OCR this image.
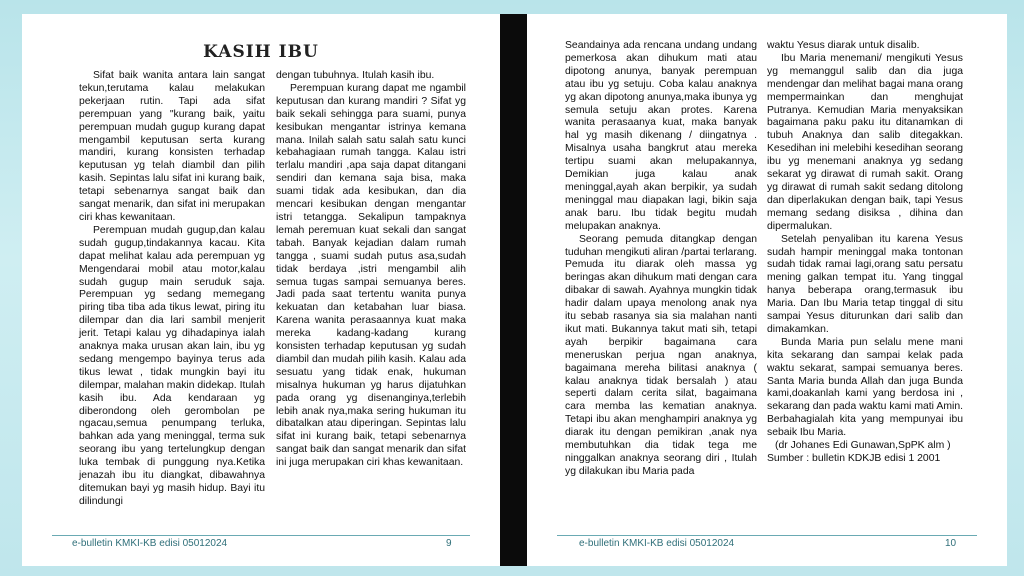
KASIH IBU

Sifat baik wanita antara lain sangat tekun,terutama kalau melakukan pekerjaan rutin. Tapi ada sifat perempuan yang "kurang baik, yaitu perempuan mudah gugup kurang dapat mengambil keputusan serta kurang mandiri, kurang konsisten terhadap keputusan yg telah diambil dan pilih kasih. Sepintas lalu sifat ini kurang baik, tetapi sebenarnya sangat baik dan sangat menarik, dan sifat ini merupakan ciri khas kewanitaan.

Perempuan mudah gugup,dan kalau sudah gugup,tindakannya kacau. Kita dapat melihat kalau ada perempuan yg Mengendarai mobil atau motor,kalau sudah gugup main seruduk saja. Perempuan yg sedang memegang piring tiba tiba ada tikus lewat, piring itu dilempar dan dia lari sambil menjerit jerit. Tetapi kalau yg dihadapinya ialah anaknya maka urusan akan lain, ibu yg sedang mengempo bayinya terus ada tikus lewat , tidak mungkin bayi itu dilempar, malahan makin didekap. Itulah kasih ibu. Ada kendaraan yg diberondong oleh gerombolan pe ngacau,semua penumpang terluka, bahkan ada yang meninggal, terma suk seorang ibu yang tertelungkup dengan luka tembak di punggung nya.Ketika jenazah ibu itu diangkat, dibawahnya ditemukan bayi yg masih hidup. Bayi itu dilindungi

dengan tubuhnya. Itulah kasih ibu.

Perempuan kurang dapat me ngambil keputusan dan kurang mandiri ? Sifat yg baik sekali sehingga para suami, punya kesibukan mengantar istrinya kemana mana. Inilah salah satu salah satu kunci kebahagiaan rumah tangga. Kalau istri terlalu mandiri ,apa saja dapat ditangani sendiri dan kemana saja bisa, maka suami tidak ada kesibukan, dan dia mencari kesibukan dengan mengantar istri tetangga. Sekalipun tampaknya lemah peremuan kuat sekali dan sangat tabah. Banyak kejadian dalam rumah tangga , suami sudah putus asa,sudah tidak berdaya ,istri mengambil alih semua tugas sampai semuanya beres. Jadi pada saat tertentu wanita punya kekuatan dan ketabahan luar biasa. Karena wanita perasaannya kuat maka mereka kadang-kadang kurang konsisten terhadap keputusan yg sudah diambil dan mudah pilih kasih. Kalau ada sesuatu yang tidak enak, hukuman misalnya hukuman yg harus dijatuhkan pada orang yg disenanginya,terlebih lebih anak nya,maka sering hukuman itu dibatalkan atau diperingan. Sepintas lalu sifat ini kurang baik, tetapi sebenarnya sangat baik dan sangat menarik dan sifat ini juga merupakan ciri khas kewanitaan.

e-bulletin KMKI-KB edisi 05012024	9

Seandainya ada rencana undang undang pemerkosa akan dihukum mati atau dipotong anunya, banyak perempuan atau ibu yg setuju. Coba kalau anaknya yg akan dipotong anunya,maka ibunya yg semula setuju akan protes. Karena wanita perasaanya kuat, maka banyak hal yg masih dikenang / diingatnya . Misalnya usaha bangkrut atau mereka tertipu suami akan melupakannya, Demikian juga kalau anak meninggal,ayah akan berpikir, ya sudah meninggal mau diapakan lagi, bikin saja anak baru. Ibu tidak begitu mudah melupakan anaknya.

Seorang pemuda ditangkap dengan tuduhan mengikuti aliran /partai terlarang. Pemuda itu diarak oleh massa yg beringas akan dihukum mati dengan cara dibakar di sawah. Ayahnya mungkin tidak hadir dalam upaya menolong anak nya itu sebab rasanya sia sia malahan nanti ikut mati. Bukannya takut mati sih, tetapi ayah berpikir bagaimana cara meneruskan perjua ngan anaknya, bagaimana mereha bilitasi anaknya ( kalau anaknya tidak bersalah ) atau seperti dalam cerita silat, bagaimana cara memba las kematian anaknya. Tetapi ibu akan menghampiri anaknya yg diarak itu dengan pemikiran ,anak nya membutuhkan dia tidak tega me ninggalkan anaknya seorang diri , Itulah yg dilakukan ibu Maria pada

waktu Yesus diarak untuk disalib.

Ibu Maria menemani/ mengikuti Yesus yg memanggul salib dan dia juga mendengar dan melihat bagai mana orang mempermainkan dan menghujat Putranya. Kemudian Maria menyaksikan bagaimana paku paku itu ditanamkan di tubuh Anaknya dan salib ditegakkan. Kesedihan ini melebihi kesedihan seorang ibu yg menemani anaknya yg sedang sekarat yg dirawat di rumah sakit. Orang yg dirawat di rumah sakit sedang ditolong dan diperlakukan dengan baik, tapi Yesus memang sedang disiksa , dihina dan dipermalukan.

Setelah penyaliban itu karena Yesus sudah hampir meninggal maka tontonan sudah tidak ramai lagi,orang satu persatu mening galkan tempat itu. Yang tinggal hanya beberapa orang,termasuk ibu Maria. Dan Ibu Maria tetap tinggal di situ sampai Yesus diturunkan dari salib dan dimakamkan.

Bunda Maria pun selalu mene mani kita sekarang dan sampai kelak pada waktu sekarat, sampai semuanya beres. Santa Maria bunda Allah dan juga Bunda kami,doakanlah kami yang berdosa ini , sekarang dan pada waktu kami mati Amin. Berbahagialah kita yang mempunyai ibu sebaik Ibu Maria.

(dr Johanes Edi Gunawan,SpPK alm )

Sumber : bulletin KDKJB edisi 1 2001

e-bulletin KMKI-KB edisi 05012024	10
